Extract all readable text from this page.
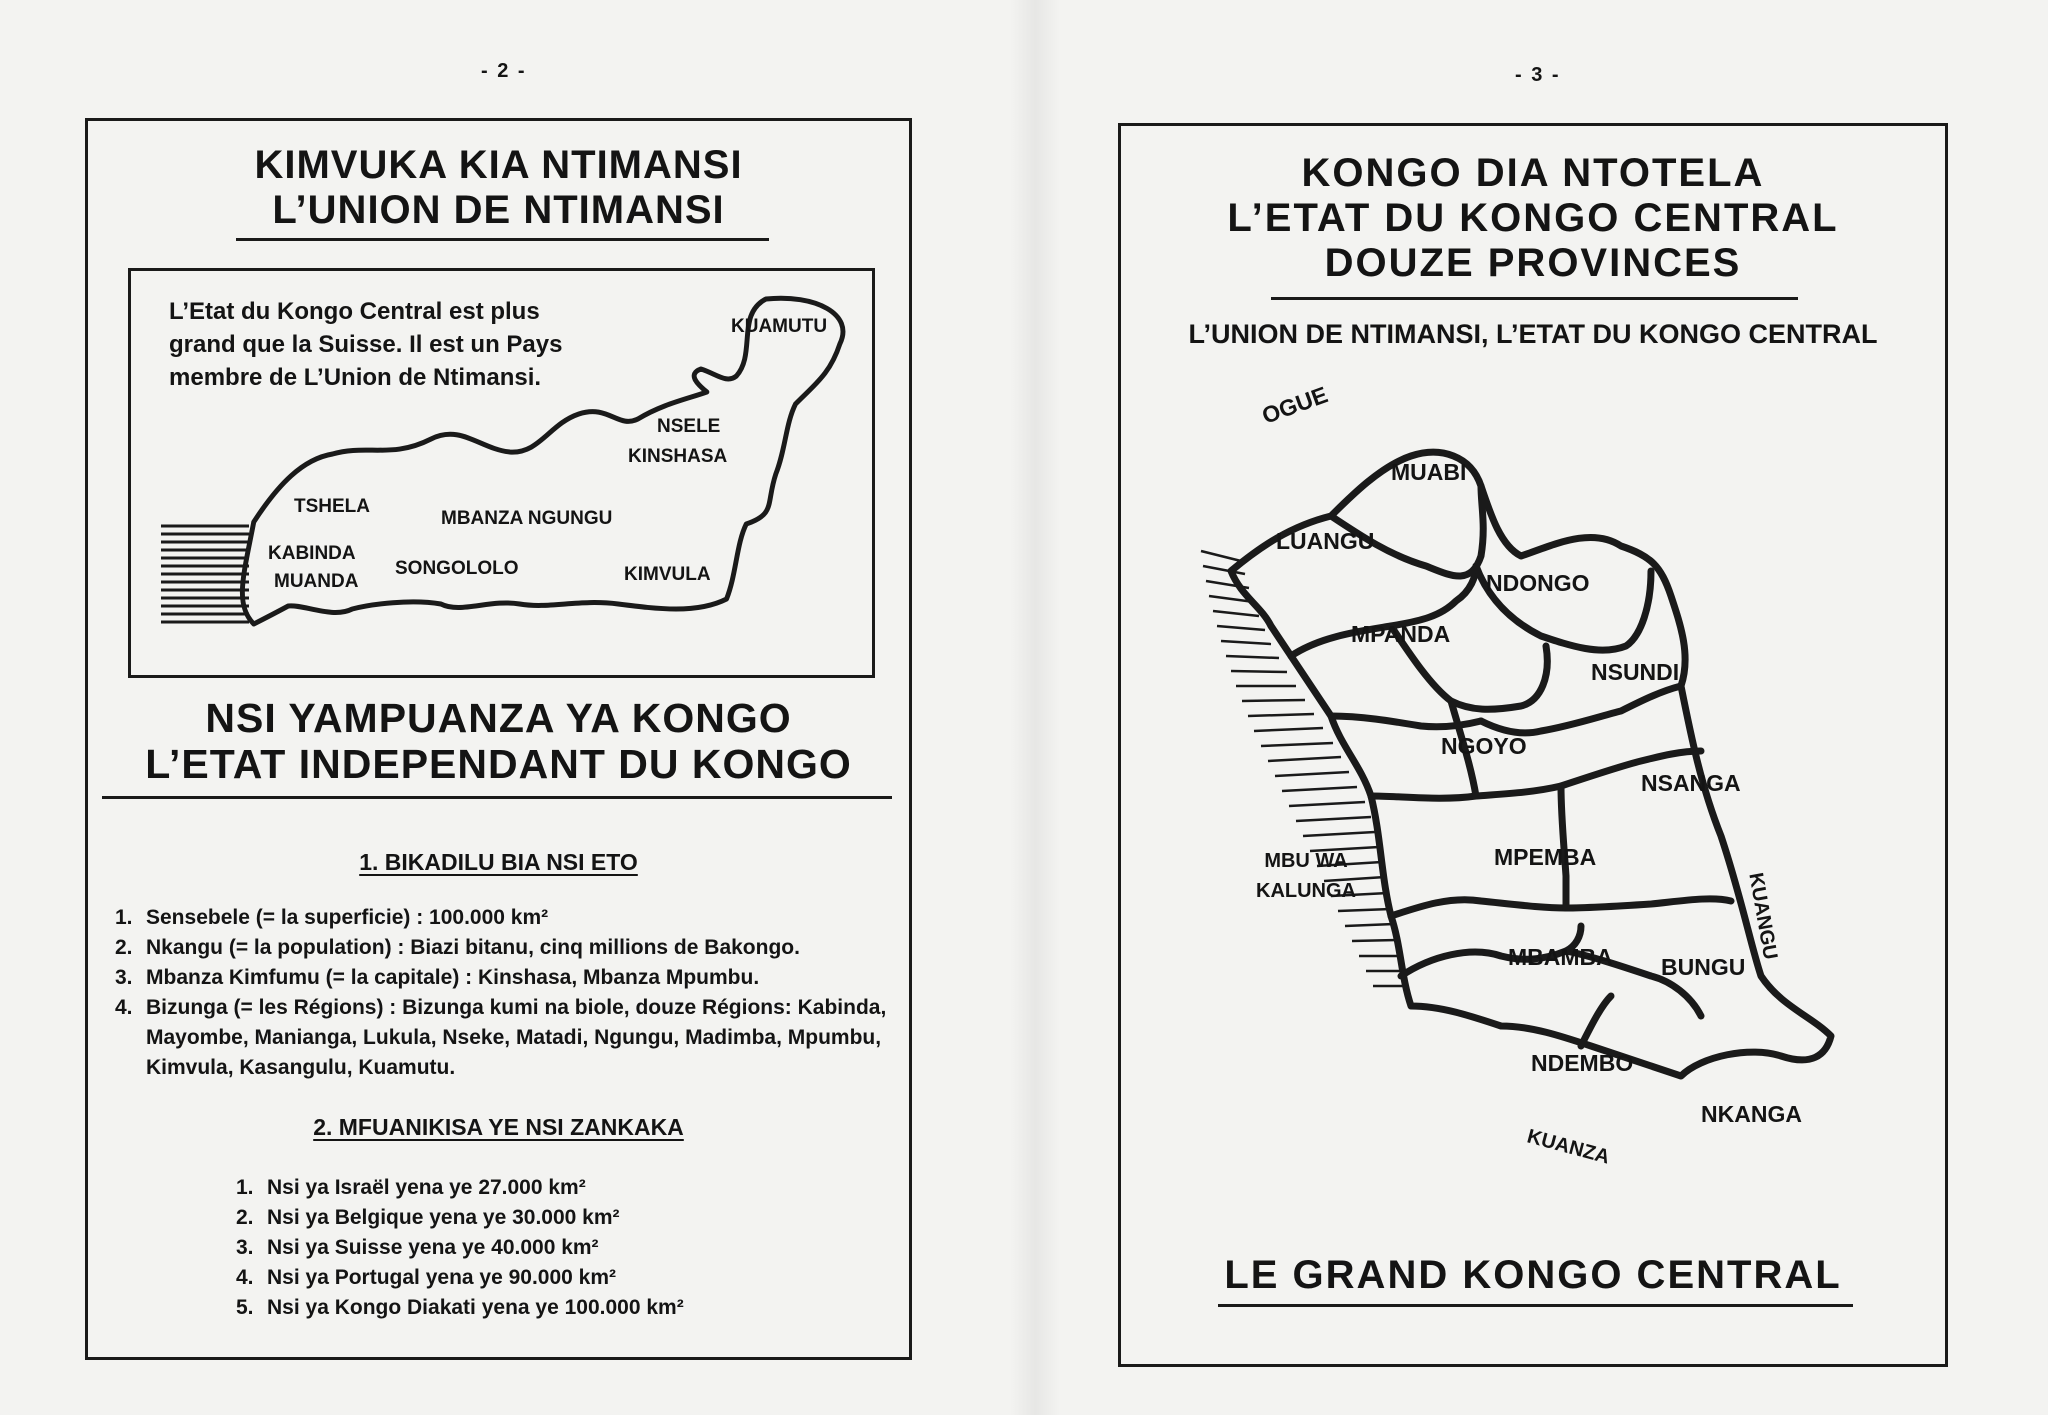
- 2 -
KIMVUKA KIA NTIMANSI
L’UNION DE NTIMANSI
L’Etat du Kongo Central est plus
grand que la Suisse. Il est un Pays
membre de L’Union de Ntimansi.
KUAMUTU
NSELE
KINSHASA
TSHELA
MBANZA NGUNGU
KABINDA
MUANDA
SONGOLOLO	KIMVULA
NSI YAMPUANZA YA KONGO
L’ETAT INDEPENDANT DU KONGO
1. BIKADILU BIA NSI ETO
1. Sensebele (= la superficie) : 100.000 km²
2. Nkangu (= la population) : Biazi bitanu, cinq millions de Bakongo.
3. Mbanza Kimfumu (= la capitale) : Kinshasa, Mbanza Mpumbu.
4. Bizunga (= les Régions) : Bizunga kumi na biole, douze Régions: Kabinda, Mayombe, Manianga, Lukula, Nseke, Matadi, Ngungu, Madimba, Mpumbu, Kimvula, Kasangulu, Kuamutu.
2. MFUANIKISA YE NSI ZANKAKA
1. Nsi ya Israël yena ye 27.000 km²
2. Nsi ya Belgique yena ye 30.000 km²
3. Nsi ya Suisse yena ye 40.000 km²
4. Nsi ya Portugal yena ye 90.000 km²
5. Nsi ya Kongo Diakati yena ye 100.000 km²
- 3 -
KONGO DIA NTOTELA
L’ETAT DU KONGO CENTRAL
DOUZE PROVINCES
L’UNION DE NTIMANSI, L’ETAT DU KONGO CENTRAL
OGUE
MUABI
LUANGU
NDONGO
MPANDA
NSUNDI
NGOYO
NSANGA
MPEMBA
KUANGU
MBAMBA BUNGU
NDEMBO
NKANGA
KUANZA
MBU WA
KALUNGA
LE GRAND KONGO CENTRAL
